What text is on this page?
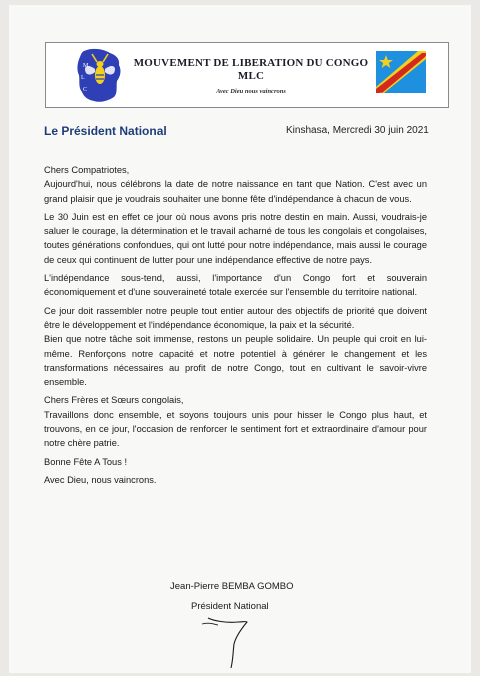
M
L
C
MOUVEMENT DE LIBERATION DU CONGO
MLC
Avec Dieu nous vaincrons
Le Président National	Kinshasa, Mercredi 30 juin 2021

Chers Compatriotes,

Aujourd'hui, nous célébrons la date de notre naissance en tant que Nation. C'est avec un grand plaisir que je voudrais souhaiter une bonne fête d'indépendance à chacun de vous.

Le 30 Juin est en effet ce jour où nous avons pris notre destin en main. Aussi, voudrais-je saluer le courage, la détermination et le travail acharné de tous les congolais et congolaises, toutes générations confondues, qui ont lutté pour notre indépendance, mais aussi le courage de ceux qui continuent de lutter pour une indépendance effective de notre pays.

L'indépendance sous-tend, aussi, l'importance d'un Congo fort et souverain économiquement et d'une souveraineté totale exercée sur l'ensemble du territoire national.

Ce jour doit rassembler notre peuple tout entier autour des objectifs de priorité que doivent être le développement et l'indépendance économique, la paix et la sécurité.

Bien que notre tâche soit immense, restons un peuple solidaire. Un peuple qui croit en lui-même. Renforçons notre capacité et notre potentiel à générer le changement et les transformations nécessaires au profit de notre Congo, tout en cultivant le savoir-vivre ensemble.

Chers Frères et Sœurs congolais,

Travaillons donc ensemble, et soyons toujours unis pour hisser le Congo plus haut, et trouvons, en ce jour, l'occasion de renforcer le sentiment fort et extraordinaire d'amour pour notre chère patrie.

Bonne Fête A Tous !

Avec Dieu, nous vaincrons.

Jean-Pierre BEMBA GOMBO
Président National
